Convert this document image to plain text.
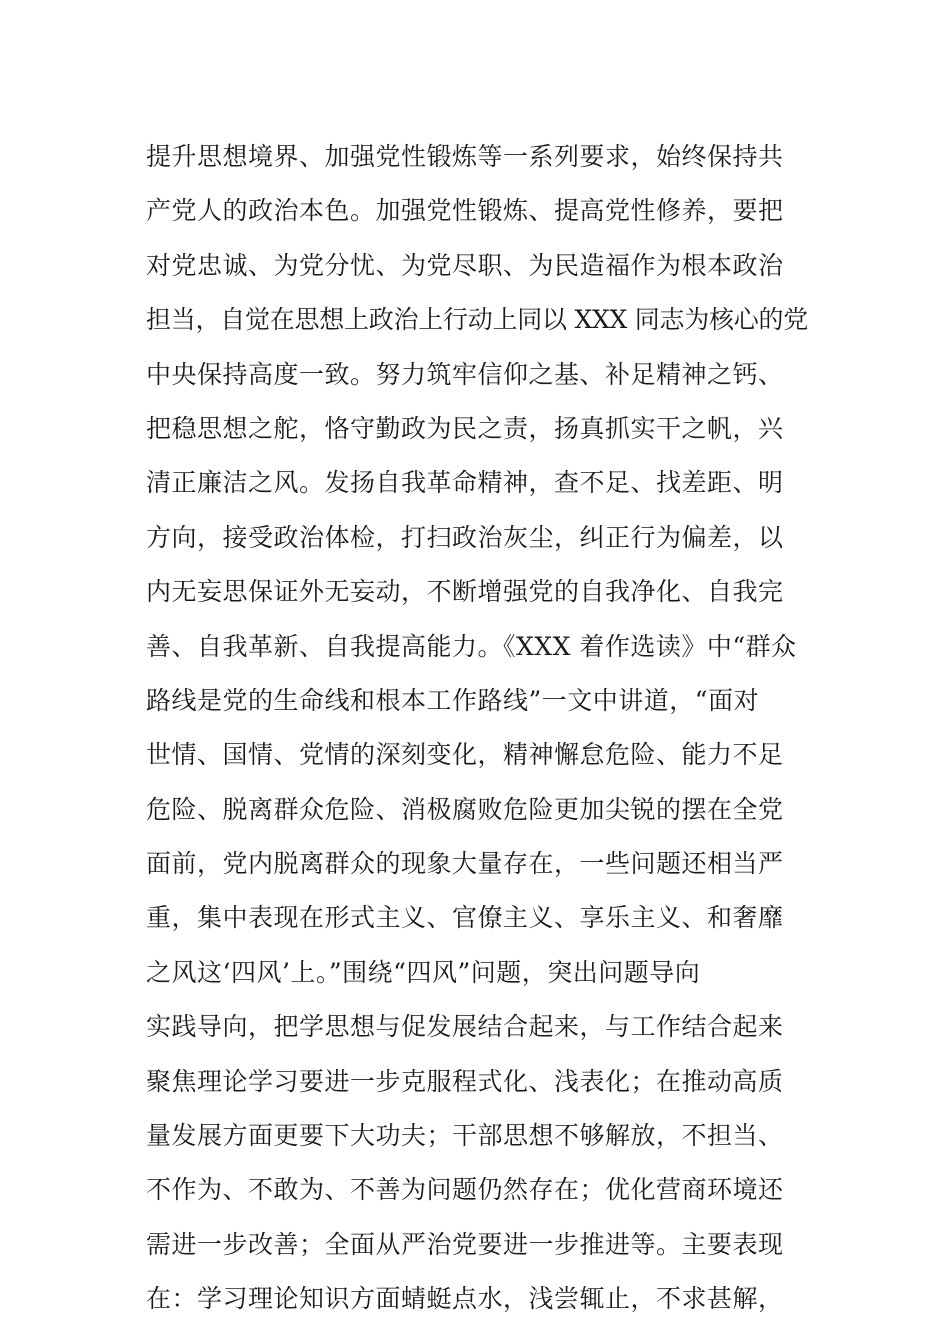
提升思想境界、加强党性锻炼等一系列要求，始终保持共
产党人的政治本色。加强党性锻炼、提高党性修养，要把
对党忠诚、为党分忧、为党尽职、为民造福作为根本政治
担当，自觉在思想上政治上行动上同以 XXX 同志为核心的党
中央保持高度一致。努力筑牢信仰之基、补足精神之钙、
把稳思想之舵，恪守勤政为民之责，扬真抓实干之帆，兴
清正廉洁之风。发扬自我革命精神，查不足、找差距、明
方向，接受政治体检，打扫政治灰尘，纠正行为偏差，以
内无妄思保证外无妄动，不断增强党的自我净化、自我完
善、自我革新、自我提高能力。《XXX 着作选读》中“群众
路线是党的生命线和根本工作路线”一文中讲道，“面对
世情、国情、党情的深刻变化，精神懈怠危险、能力不足
危险、脱离群众危险、消极腐败危险更加尖锐的摆在全党
面前，党内脱离群众的现象大量存在，一些问题还相当严
重，集中表现在形式主义、官僚主义、享乐主义、和奢靡
之风这‘四风’上。”围绕“四风”问题，突出问题导向
实践导向，把学思想与促发展结合起来，与工作结合起来
聚焦理论学习要进一步克服程式化、浅表化；在推动高质
量发展方面更要下大功夫；干部思想不够解放，不担当、
不作为、不敢为、不善为问题仍然存在；优化营商环境还
需进一步改善；全面从严治党要进一步推进等。主要表现
在：学习理论知识方面蜻蜓点水，浅尝辄止，不求甚解，
